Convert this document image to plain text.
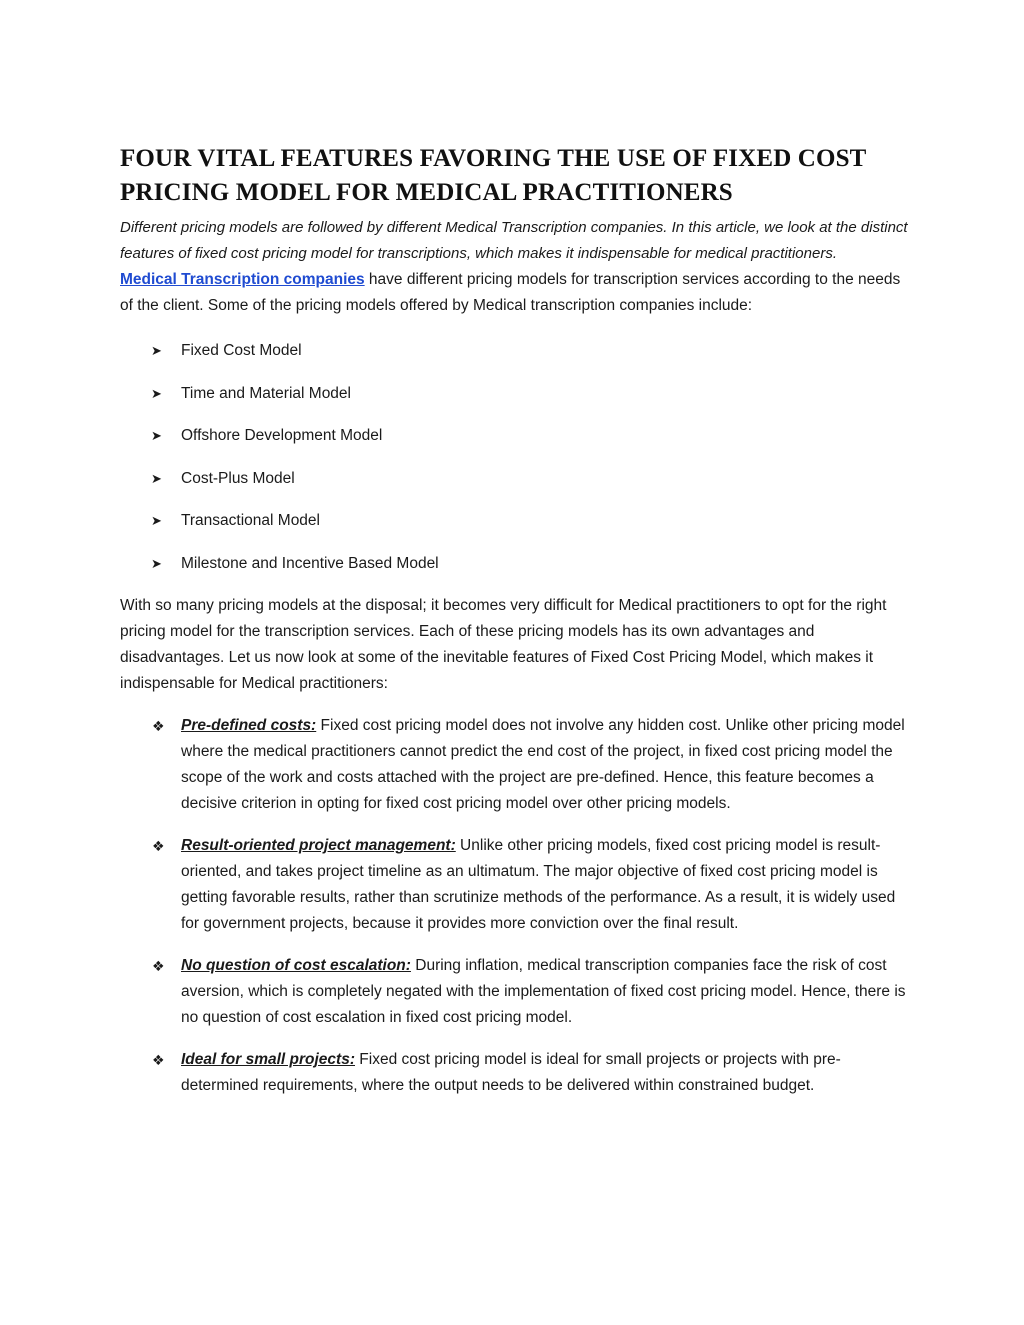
FOUR VITAL FEATURES FAVORING THE USE OF FIXED COST
PRICING MODEL FOR MEDICAL PRACTITIONERS

Different pricing models are followed by different Medical Transcription companies. In this article, we look at the distinct features of fixed cost pricing model for transcriptions, which makes it indispensable for medical practitioners.

Medical Transcription companies have different pricing models for transcription services according to the needs of the client. Some of the pricing models offered by Medical transcription companies include:

➤ Fixed Cost Model
➤ Time and Material Model
➤ Offshore Development Model
➤ Cost-Plus Model
➤ Transactional Model
➤ Milestone and Incentive Based Model

With so many pricing models at the disposal; it becomes very difficult for Medical practitioners to opt for the right pricing model for the transcription services. Each of these pricing models has its own advantages and disadvantages. Let us now look at some of the inevitable features of Fixed Cost Pricing Model, which makes it indispensable for Medical practitioners:

❖ Pre-defined costs: Fixed cost pricing model does not involve any hidden cost. Unlike other pricing model where the medical practitioners cannot predict the end cost of the project, in fixed cost pricing model the scope of the work and costs attached with the project are pre-defined. Hence, this feature becomes a decisive criterion in opting for fixed cost pricing model over other pricing models.
❖ Result-oriented project management: Unlike other pricing models, fixed cost pricing model is result-oriented, and takes project timeline as an ultimatum. The major objective of fixed cost pricing model is getting favorable results, rather than scrutinize methods of the performance. As a result, it is widely used for government projects, because it provides more conviction over the final result.
❖ No question of cost escalation: During inflation, medical transcription companies face the risk of cost aversion, which is completely negated with the implementation of fixed cost pricing model. Hence, there is no question of cost escalation in fixed cost pricing model.
❖ Ideal for small projects: Fixed cost pricing model is ideal for small projects or projects with pre-determined requirements, where the output needs to be delivered within constrained budget.
